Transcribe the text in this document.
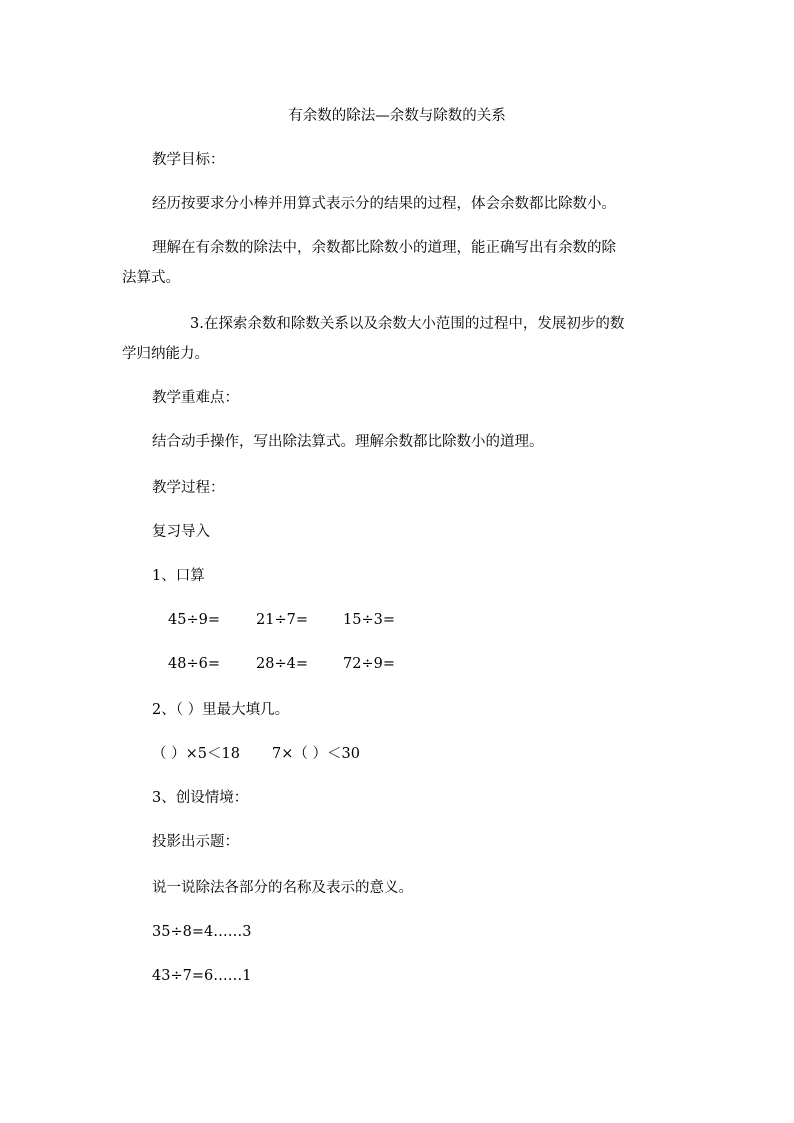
有余数的除法—余数与除数的关系

教学目标：

经历按要求分小棒并用算式表示分的结果的过程，体会余数都比除数小。

理解在有余数的除法中，余数都比除数小的道理，能正确写出有余数的除

法算式。

3.在探索余数和除数关系以及余数大小范围的过程中，发展初步的数

学归纳能力。

教学重难点：

结合动手操作，写出除法算式。理解余数都比除数小的道理。

教学过程：

复习导入

1、口算

45÷9= 21÷7= 15÷3=

48÷6= 28÷4= 72÷9=

2、（ ）里最大填几。

（ ）×5＜18 7×（ ）＜30

3、创设情境：

投影出示题：

说一说除法各部分的名称及表示的意义。

35÷8=4……3

43÷7=6……1
